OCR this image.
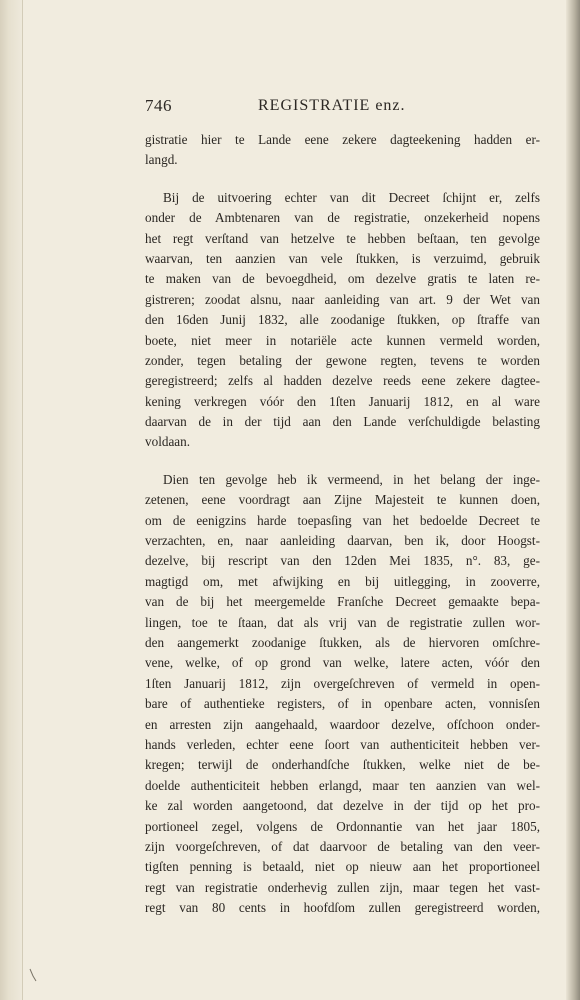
746	REGISTRATIE enz.
gistratie hier te Lande eene zekere dagteekening hadden er-
langd.
Bij de uitvoering echter van dit Decreet ſchijnt er, zelfs
onder de Ambtenaren van de registratie, onzekerheid nopens
het regt verſtand van hetzelve te hebben beſtaan, ten gevolge
waarvan, ten aanzien van vele ſtukken, is verzuimd, gebruik
te maken van de bevoegdheid, om dezelve gratis te laten re-
gistreren; zoodat alsnu, naar aanleiding van art. 9 der Wet van
den 16den Junij 1832, alle zoodanige ſtukken, op ſtraffe van
boete, niet meer in notariële acte kunnen vermeld worden,
zonder, tegen betaling der gewone regten, tevens te worden
geregistreerd; zelfs al hadden dezelve reeds eene zekere dagtee-
kening verkregen vóór den 1ſten Januarij 1812, en al ware
daarvan de in der tijd aan den Lande verſchuldigde belasting
voldaan.
Dien ten gevolge heb ik vermeend, in het belang der inge-
zetenen, eene voordragt aan Zijne Majesteit te kunnen doen,
om de eenigzins harde toepasſing van het bedoelde Decreet te
verzachten, en, naar aanleiding daarvan, ben ik, door Hoogst-
dezelve, bij rescript van den 12den Mei 1835, n°. 83, ge-
magtigd om, met afwijking en bij uitlegging, in zooverre,
van de bij het meergemelde Franſche Decreet gemaakte bepa-
lingen, toe te ſtaan, dat als vrij van de registratie zullen wor-
den aangemerkt zoodanige ſtukken, als de hiervoren omſchre-
vene, welke, of op grond van welke, latere acten, vóór den
1ſten Januarij 1812, zijn overgeſchreven of vermeld in open-
bare of authentieke registers, of in openbare acten, vonnisſen
en arresten zijn aangehaald, waardoor dezelve, ofſchoon onder-
hands verleden, echter eene ſoort van authenticiteit hebben ver-
kregen; terwijl de onderhandſche ſtukken, welke niet de be-
doelde authenticiteit hebben erlangd, maar ten aanzien van wel-
ke zal worden aangetoond, dat dezelve in der tijd op het pro-
portioneel zegel, volgens de Ordonnantie van het jaar 1805,
zijn voorgeſchreven, of dat daarvoor de betaling van den veer-
tigſten penning is betaald, niet op nieuw aan het proportioneel
regt van registratie onderhevig zullen zijn, maar tegen het vast-
regt van 80 cents in hoofdſom zullen geregistreerd worden,
